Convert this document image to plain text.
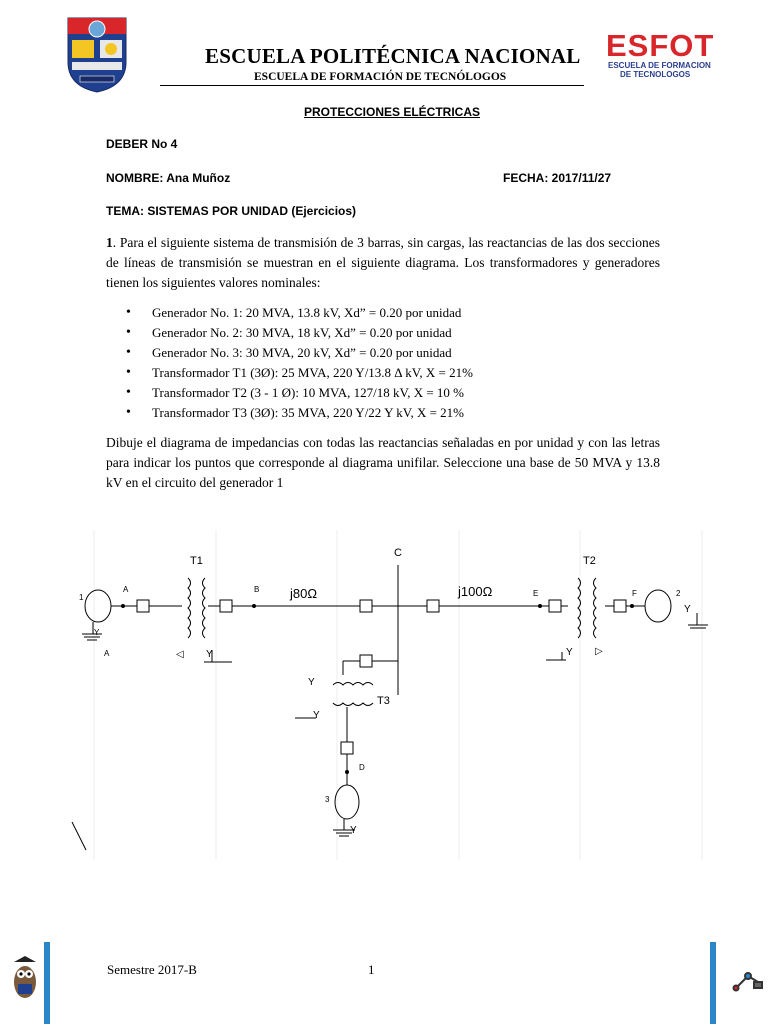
ESCUELA POLITÉCNICA NACIONAL
ESCUELA DE FORMACIÓN DE TECNÓLOGOS
ESFOT
ESCUELA DE FORMACION
DE TECNOLOGOS
PROTECCIONES ELÉCTRICAS
DEBER No 4
NOMBRE: Ana Muñoz	FECHA: 2017/11/27
TEMA: SISTEMAS POR UNIDAD (Ejercicios)
1. Para el siguiente sistema de transmisión de 3 barras, sin cargas, las reactancias de las dos secciones de líneas de transmisión se muestran en el siguiente diagrama. Los transformadores y generadores tienen los siguientes valores nominales:
• Generador No. 1: 20 MVA, 13.8 kV, Xd” = 0.20 por unidad
• Generador No. 2: 30 MVA, 18 kV, Xd” = 0.20 por unidad
• Generador No. 3: 30 MVA, 20 kV, Xd” = 0.20 por unidad
• Transformador T1 (3Ø): 25 MVA, 220 Y/13.8 Δ kV, X = 21%
• Transformador T2 (3 - 1 Ø): 10 MVA, 127/18 kV, X = 10 %
• Transformador T3 (3Ø): 35 MVA, 220 Y/22 Y kV, X = 21%
Dibuje el diagrama de impedancias con todas las reactancias señaladas en por unidad y con las letras para indicar los puntos que corresponde al diagrama unifilar. Seleccione una base de 50 MVA y 13.8 kV en el circuito del generador 1
T1	T2
T3
C
j80Ω	j100Ω
A
A
B
D
E	F
1	2
3
Y
Y
◁	Y ▷
Y
Y
Y
Y
Semestre 2017-B	1
